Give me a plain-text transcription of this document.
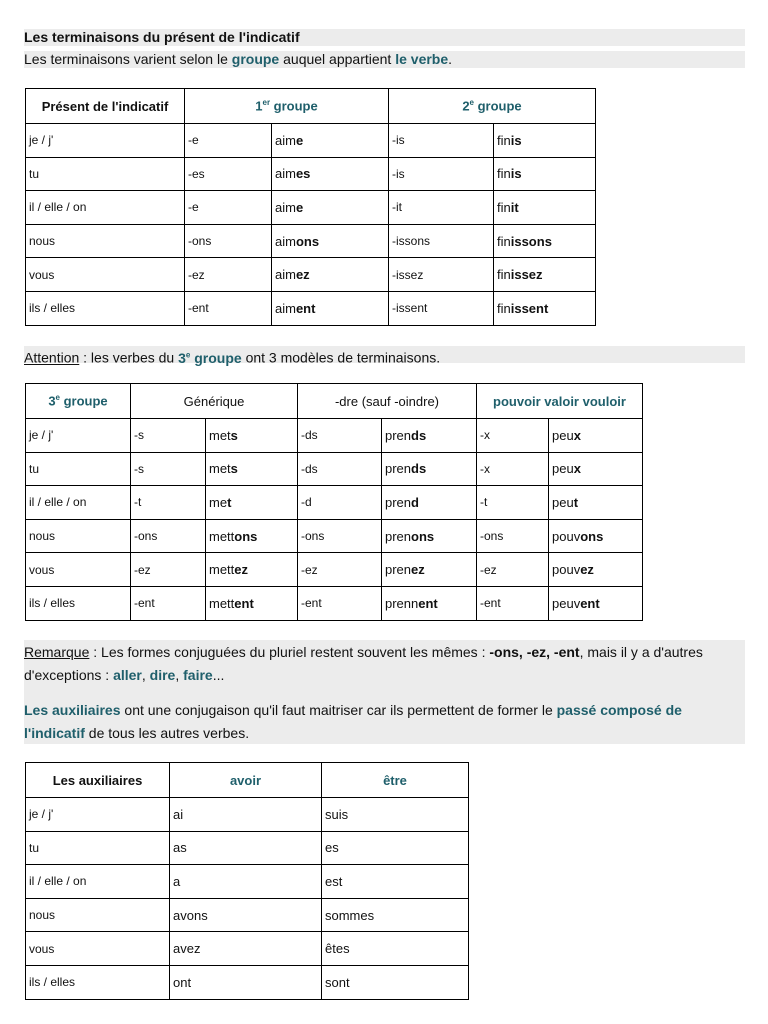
Les terminaisons du présent de l'indicatif
Les terminaisons varient selon le groupe auquel appartient le verbe.
Présent de l'indicatif	1er groupe		2e groupe	
je / j'	-e	aime	-is	finis
tu	-es	aimes	-is	finis
il / elle / on	-e	aime	-it	finit
nous	-ons	aimons	-issons	finissons
vous	-ez	aimez	-issez	finissez
ils / elles	-ent	aiment	-issent	finissent
Attention : les verbes du 3e groupe ont 3 modèles de terminaisons.
3e groupe	Générique		-dre (sauf -oindre)		pouvoir valoir vouloir	
je / j'	-s	mets	-ds	prends	-x	peux
tu	-s	mets	-ds	prends	-x	peux
il / elle / on	-t	met	-d	prend	-t	peut
nous	-ons	mettons	-ons	prenons	-ons	pouvons
vous	-ez	mettez	-ez	prenez	-ez	pouvez
ils / elles	-ent	mettent	-ent	prennent	-ent	peuvent
Remarque : Les formes conjuguées du pluriel restent souvent les mêmes : -ons, -ez, -ent, mais il y a d'autres d'exceptions : aller, dire, faire...
Les auxiliaires ont une conjugaison qu'il faut maitriser car ils permettent de former le passé composé de l'indicatif de tous les autres verbes.
Les auxiliaires	avoir	être
je / j'	ai	suis
tu	as	es
il / elle / on	a	est
nous	avons	sommes
vous	avez	êtes
ils / elles	ont	sont
